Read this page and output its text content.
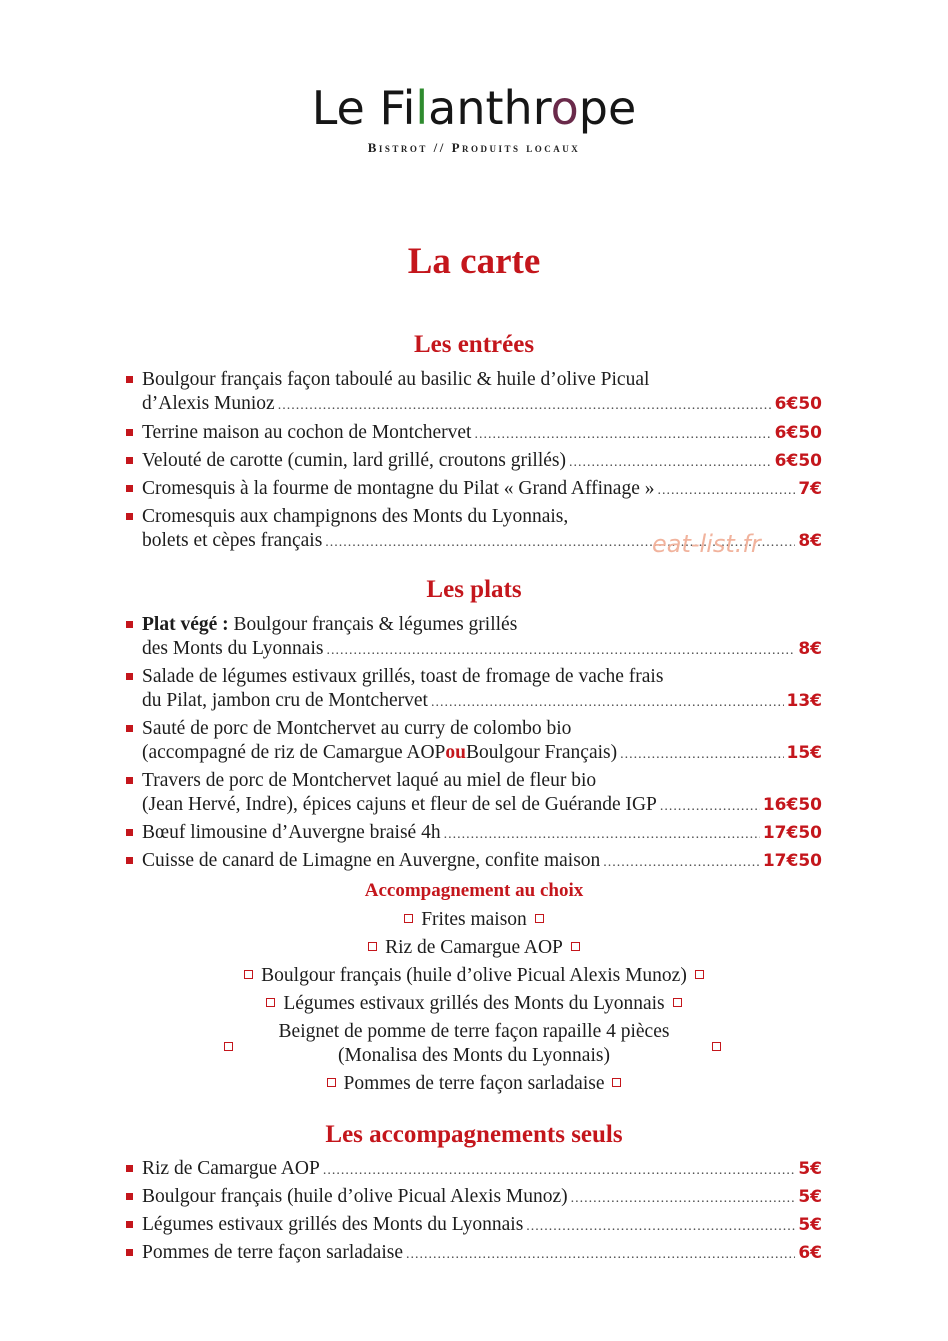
Le Filanthrope
Bistrot // Produits locaux
La carte
Les entrées
Boulgour français façon taboulé au basilic & huile d’olive Picual
d’Alexis Munioz .....	6€50
Terrine maison au cochon de Montchervet .....	6€50
Velouté de carotte (cumin, lard grillé, croutons grillés) .....	6€50
Cromesquis à la fourme de montagne du Pilat « Grand Affinage » .....	7€
Cromesquis aux champignons des Monts du Lyonnais,
bolets et cèpes français .....	8€
eat-list.fr
Les plats
Plat végé : Boulgour français & légumes grillés
des Monts du Lyonnais .....	8€
Salade de légumes estivaux grillés, toast de fromage de vache frais
du Pilat, jambon cru de Montchervet .....	13€
Sauté de porc de Montchervet au curry de colombo bio
(accompagné de riz de Camargue AOP ou Boulgour Français) .....	15€
Travers de porc de Montchervet laqué au miel de fleur bio
(Jean Hervé, Indre), épices cajuns et fleur de sel de Guérande IGP .....	16€50
Bœuf limousine d’Auvergne braisé 4h .....	17€50
Cuisse de canard de Limagne en Auvergne, confite maison .....	17€50
Accompagnement au choix
Frites maison
Riz de Camargue AOP
Boulgour français (huile d’olive Picual Alexis Munoz)
Légumes estivaux grillés des Monts du Lyonnais
Beignet de pomme de terre façon rapaille 4 pièces
(Monalisa des Monts du Lyonnais)
Pommes de terre façon sarladaise
Les accompagnements seuls
Riz de Camargue AOP .....	5€
Boulgour français (huile d’olive Picual Alexis Munoz) .....	5€
Légumes estivaux grillés des Monts du Lyonnais .....	5€
Pommes de terre façon sarladaise .....	6€
